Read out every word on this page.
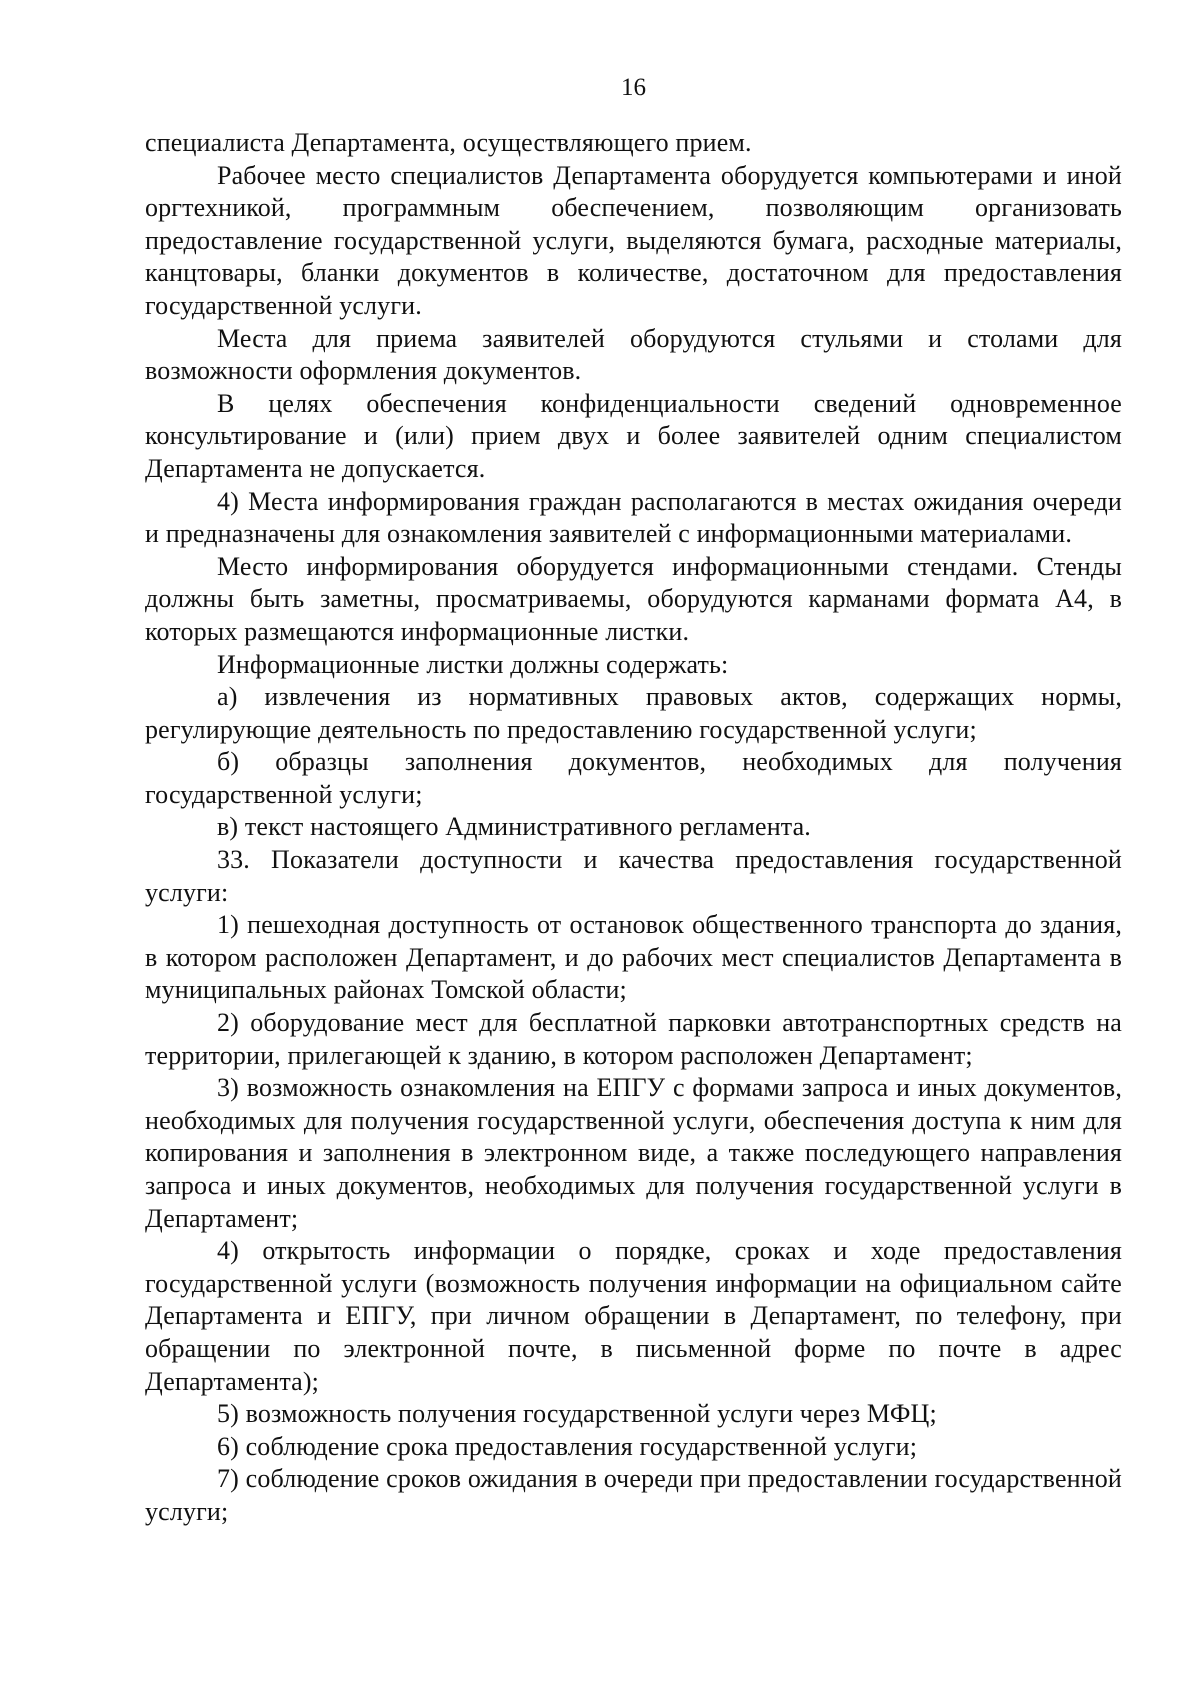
16

специалиста Департамента, осуществляющего прием.

Рабочее место специалистов Департамента оборудуется компьютерами и иной оргтехникой, программным обеспечением, позволяющим организовать предоставление государственной услуги, выделяются бумага, расходные материалы, канцтовары, бланки документов в количестве, достаточном для предоставления государственной услуги.

Места для приема заявителей оборудуются стульями и столами для возможности оформления документов.

В целях обеспечения конфиденциальности сведений одновременное консультирование и (или) прием двух и более заявителей одним специалистом Департамента не допускается.

4) Места информирования граждан располагаются в местах ожидания очереди и предназначены для ознакомления заявителей с информационными материалами.

Место информирования оборудуется информационными стендами. Стенды должны быть заметны, просматриваемы, оборудуются карманами формата А4, в которых размещаются информационные листки.

Информационные листки должны содержать:

а) извлечения из нормативных правовых актов, содержащих нормы, регулирующие деятельность по предоставлению государственной услуги;

б) образцы заполнения документов, необходимых для получения государственной услуги;

в) текст настоящего Административного регламента.

33. Показатели доступности и качества предоставления государственной услуги:

1) пешеходная доступность от остановок общественного транспорта до здания, в котором расположен Департамент, и до рабочих мест специалистов Департамента в муниципальных районах Томской области;

2) оборудование мест для бесплатной парковки автотранспортных средств на территории, прилегающей к зданию, в котором расположен Департамент;

3) возможность ознакомления на ЕПГУ с формами запроса и иных документов, необходимых для получения государственной услуги, обеспечения доступа к ним для копирования и заполнения в электронном виде, а также последующего направления запроса и иных документов, необходимых для получения государственной услуги в Департамент;

4) открытость информации о порядке, сроках и ходе предоставления государственной услуги (возможность получения информации на официальном сайте Департамента и ЕПГУ, при личном обращении в Департамент, по телефону, при обращении по электронной почте, в письменной форме по почте в адрес Департамента);

5) возможность получения государственной услуги через МФЦ;

6) соблюдение срока предоставления государственной услуги;

7) соблюдение сроков ожидания в очереди при предоставлении государственной услуги;
